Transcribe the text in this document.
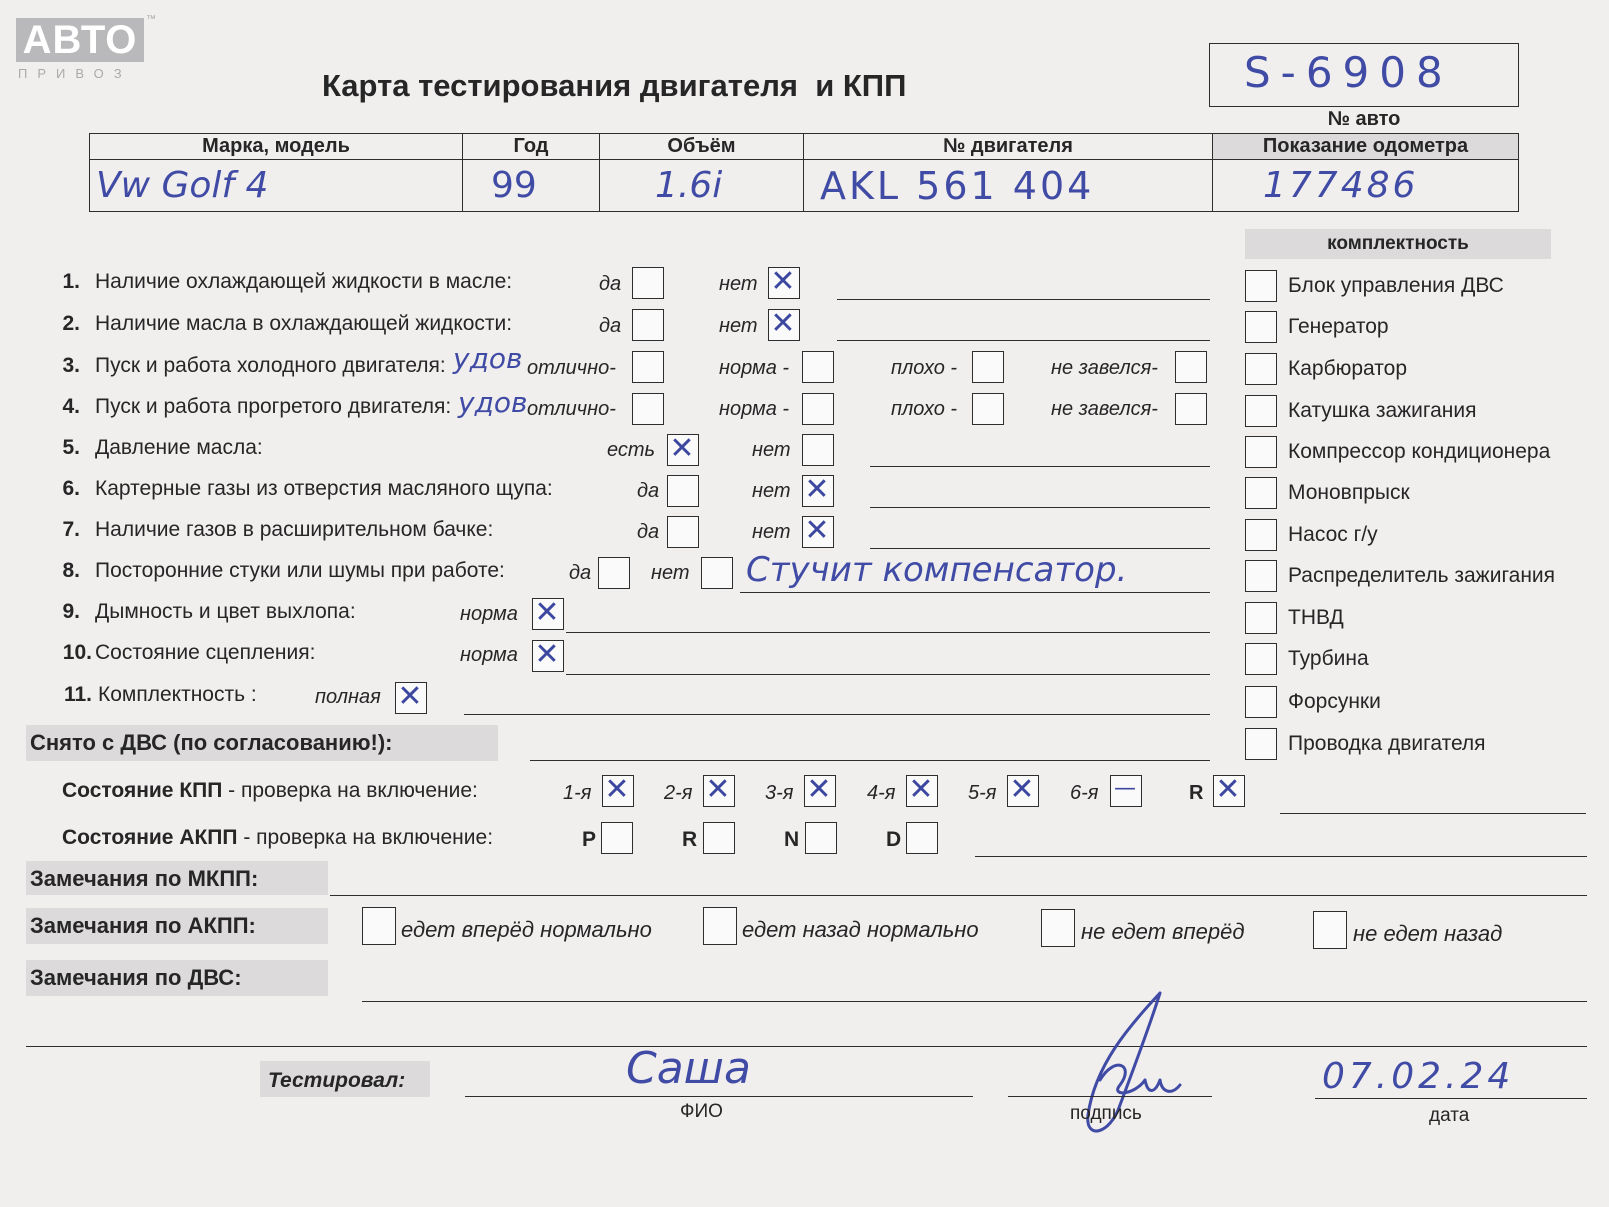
АВТО ™
ПРИВОЗ	Карта тестирования двигателя  и КПП	S-6908
№ авто
Марка, модель	Год	Объём	№ двигателя	Показание одометра
Vw Golf 4	99	1.6i	AKL 561 404	177486
комплектность
Блок управления ДВС
Генератор
Карбюратор
Катушка зажигания
Компрессор кондиционера
Моновпрыск
Насос г/у
Распределитель зажигания
ТНВД
Турбина
Форсунки
Проводка двигателя
1. Наличие охлаждающей жидкости в масле:	да	нет ✕
2. Наличие масла в охлаждающей жидкости:	да	нет ✕
3. Пуск и работа холодного двигателя: удов отлично-	норма -	плохо -	не завелся-
4. Пуск и работа прогретого двигателя: удов отлично-	норма -	плохо -	не завелся-
5. Давление масла:	есть ✕	нет
6. Картерные газы из отверстия масляного щупа:	да	нет ✕
7. Наличие газов в расширительном бачке:	да	нет ✕
8. Посторонние стуки или шумы при работе:	да	нет Стучит компенсатор.
9. Дымность и цвет выхлопа:	норма ✕
10. Состояние сцепления:	норма ✕
11. Комплектность :	полная ✕
Снято с ДВС (по согласованию!):
Состояние КПП - проверка на включение:	1-я ✕ 2-я ✕ 3-я ✕ 4-я ✕ 5-я ✕ 6-я —	R ✕
Состояние АКПП - проверка на включение:	P	R	N	D
Замечания по МКПП:
Замечания по АКПП:	едет вперёд нормально	едет назад нормально	не едет вперёд	не едет назад
Замечания по ДВС:
Тестировал:	Саша
ФИО	подпись
07.02.24
дата
